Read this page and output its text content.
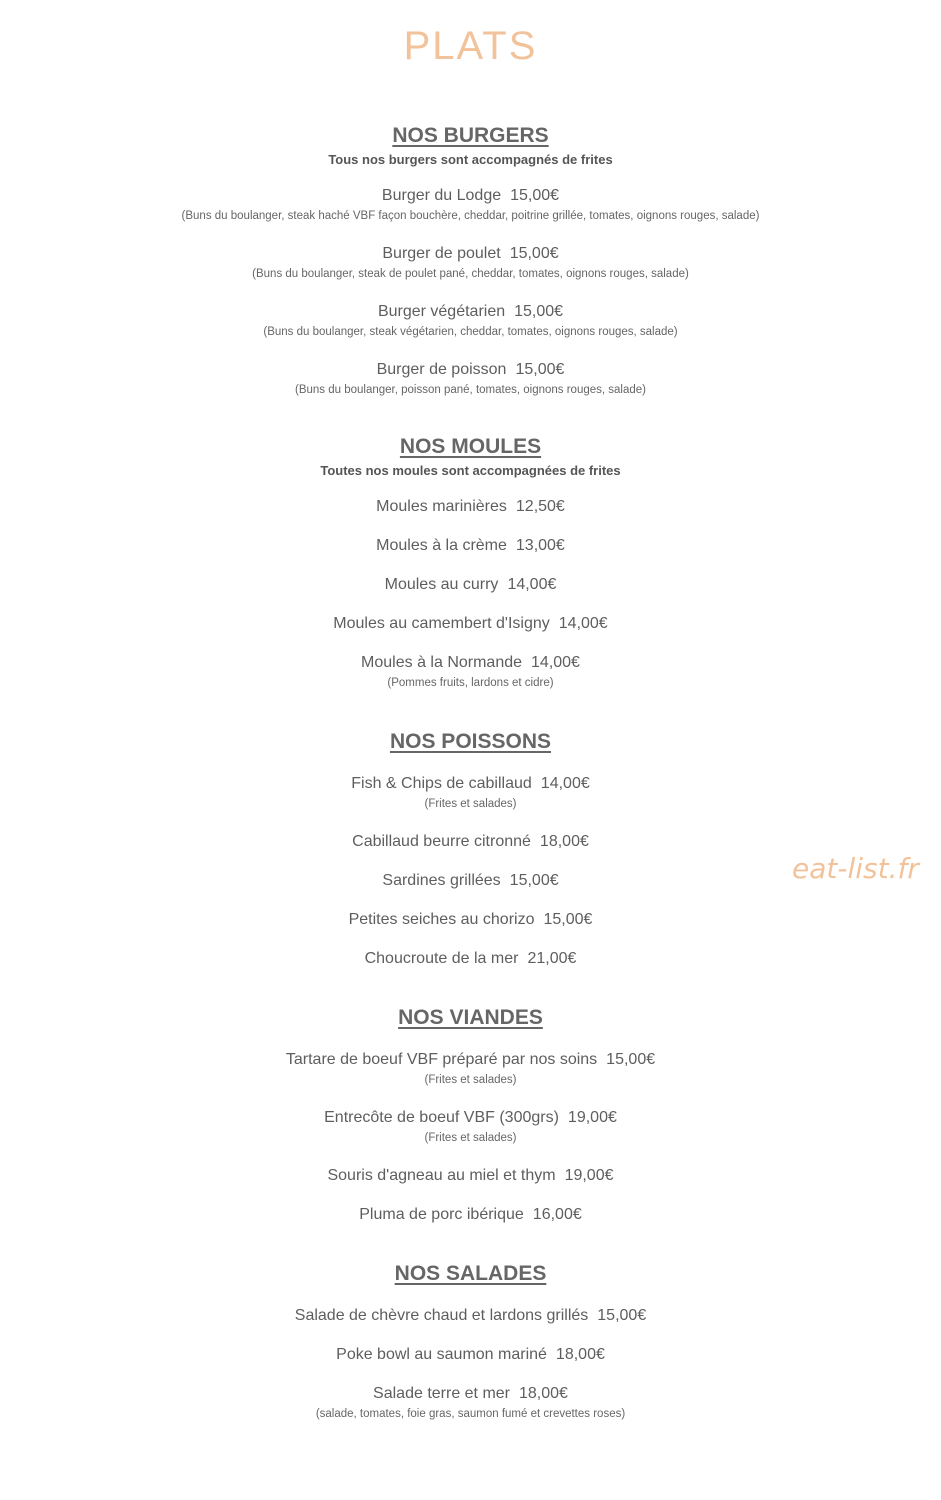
PLATS
eat-list.fr
NOS BURGERS
Tous nos burgers sont accompagnés de frites
Burger du Lodge 15,00€
(Buns du boulanger, steak haché VBF façon bouchère, cheddar, poitrine grillée, tomates, oignons rouges, salade)
Burger de poulet 15,00€
(Buns du boulanger, steak de poulet pané, cheddar, tomates, oignons rouges, salade)
Burger végétarien 15,00€
(Buns du boulanger, steak végétarien, cheddar, tomates, oignons rouges, salade)
Burger de poisson 15,00€
(Buns du boulanger, poisson pané, tomates, oignons rouges, salade)
NOS MOULES
Toutes nos moules sont accompagnées de frites
Moules marinières 12,50€
Moules à la crème 13,00€
Moules au curry 14,00€
Moules au camembert d'Isigny 14,00€
Moules à la Normande 14,00€
(Pommes fruits, lardons et cidre)
NOS POISSONS
Fish & Chips de cabillaud 14,00€
(Frites et salades)
Cabillaud beurre citronné 18,00€
Sardines grillées 15,00€
Petites seiches au chorizo 15,00€
Choucroute de la mer 21,00€
NOS VIANDES
Tartare de boeuf VBF préparé par nos soins 15,00€
(Frites et salades)
Entrecôte de boeuf VBF (300grs) 19,00€
(Frites et salades)
Souris d'agneau au miel et thym 19,00€
Pluma de porc ibérique 16,00€
NOS SALADES
Salade de chèvre chaud et lardons grillés 15,00€
Poke bowl au saumon mariné 18,00€
Salade terre et mer 18,00€
(salade, tomates, foie gras, saumon fumé et crevettes roses)
